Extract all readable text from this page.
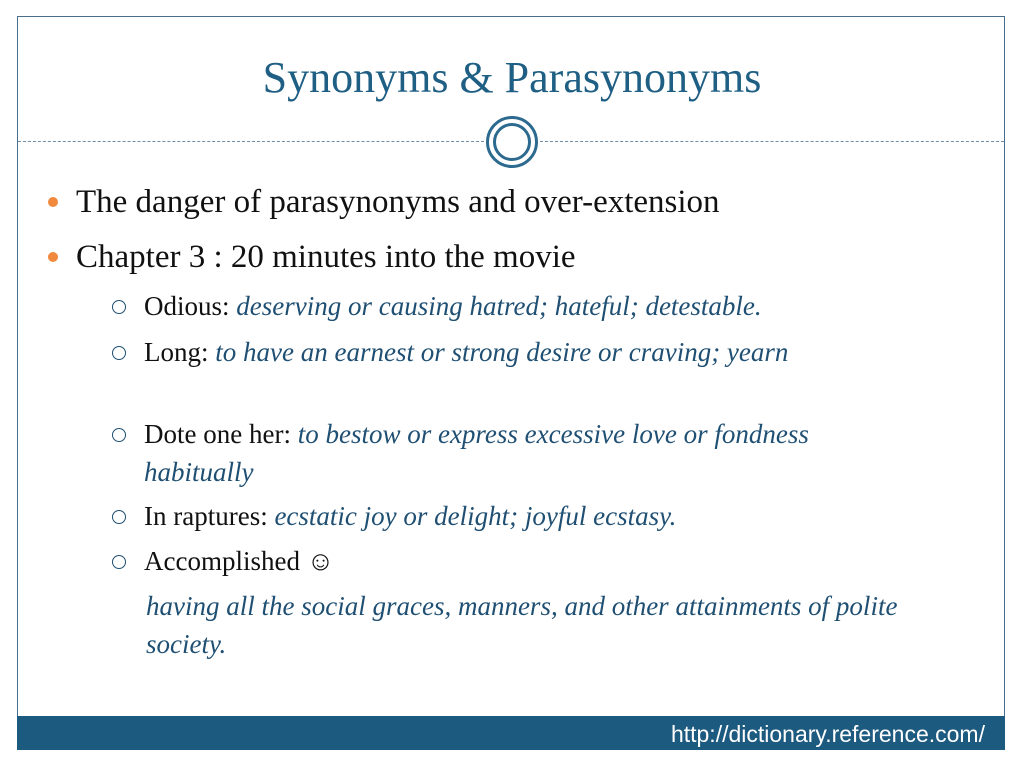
Synonyms & Parasynonyms
The danger of parasynonyms and over-extension
Chapter 3 : 20 minutes into the movie
Odious: deserving or causing hatred; hateful; detestable.
Long: to have an earnest or strong desire or craving; yearn
Dote one her: to bestow or express excessive love or fondness habitually
In raptures: ecstatic joy or delight; joyful ecstasy.
Accomplished ☺
having all the social graces, manners, and other attainments of polite society.
http://dictionary.reference.com/
